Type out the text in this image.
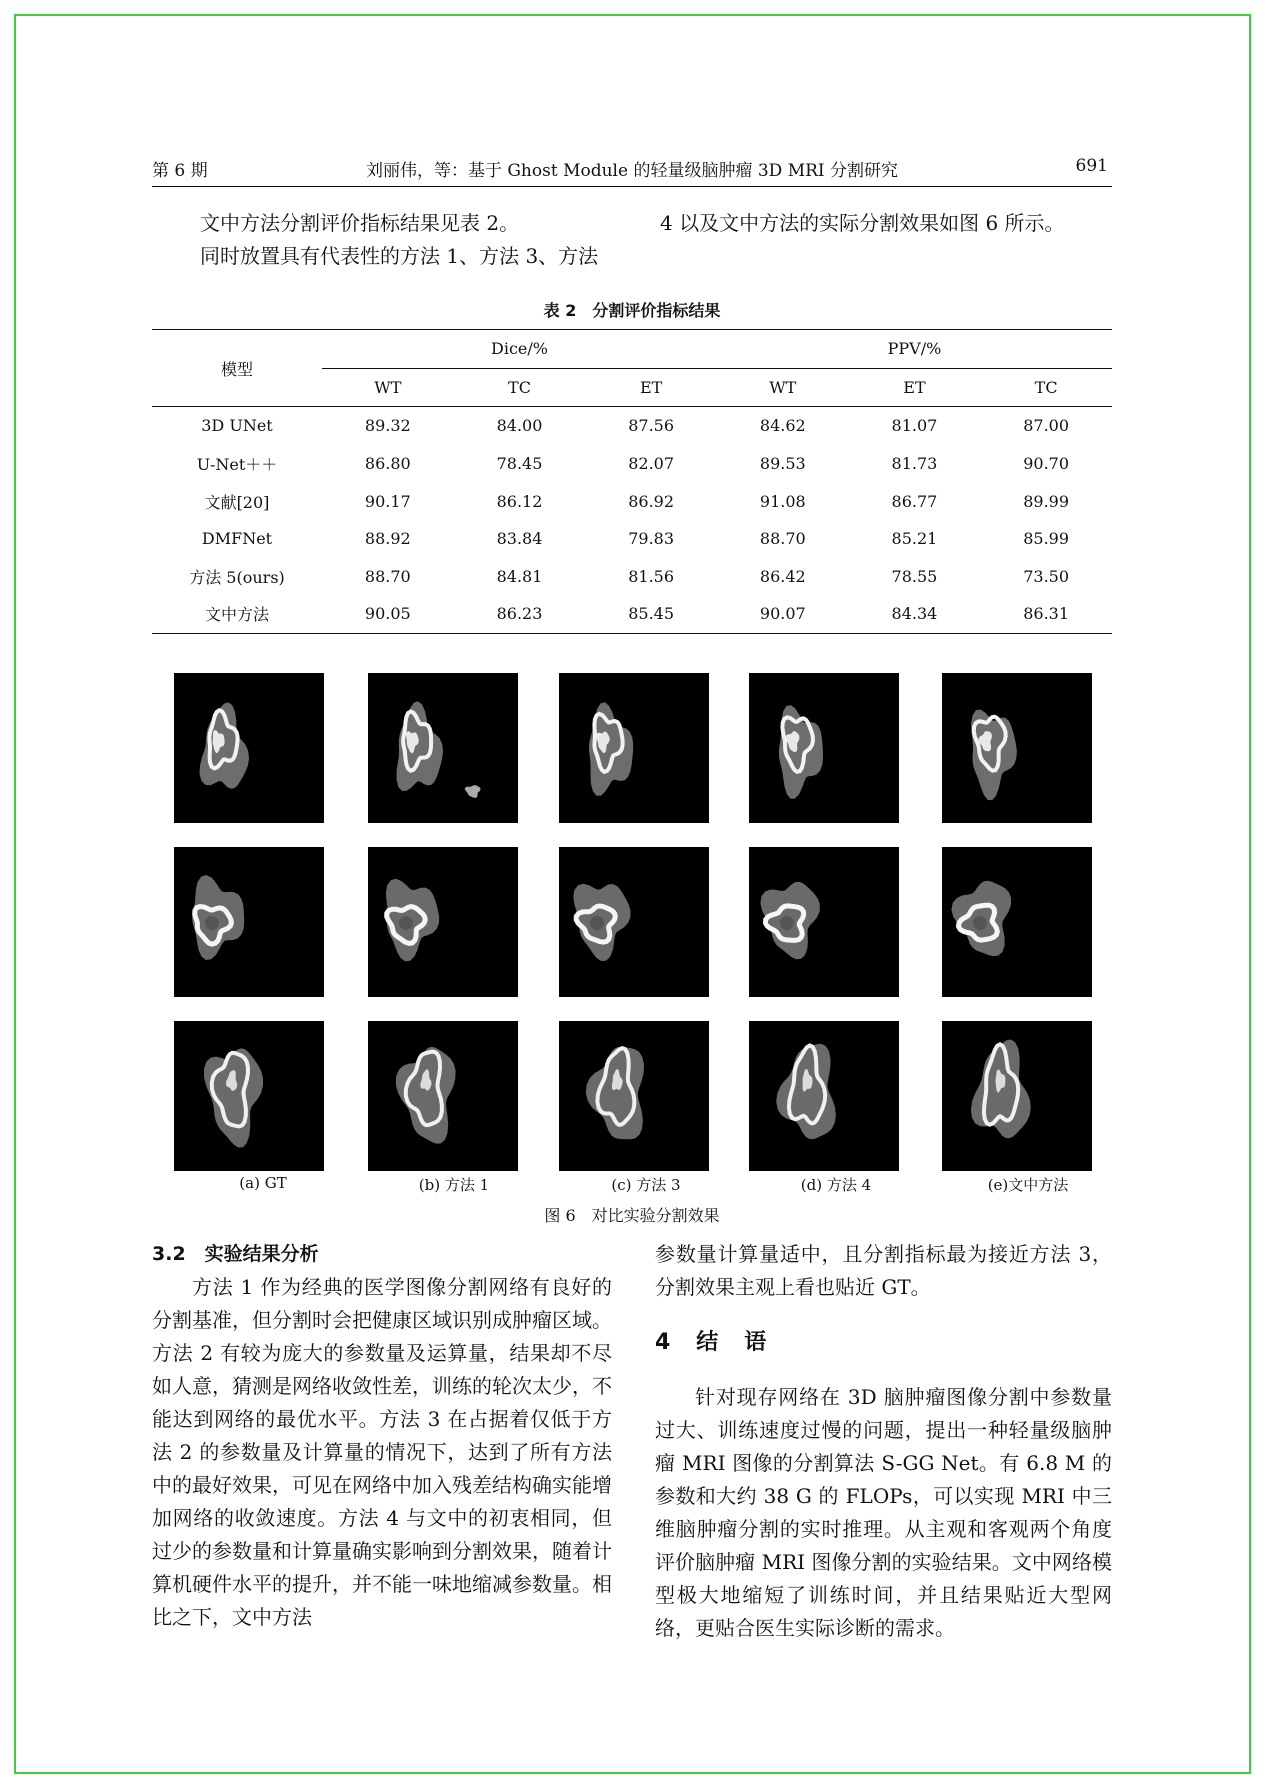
第 6 期	刘丽伟，等：基于 Ghost Module 的轻量级脑肿瘤 3D MRI 分割研究	691

文中方法分割评价指标结果见表 2。

同时放置具有代表性的方法 1、方法 3、方法

4 以及文中方法的实际分割效果如图 6 所示。

表 2　分割评价指标结果
模型	Dice/%			PPV/%		
	WT	TC	ET	WT	ET	TC
3D UNet	89.32	84.00	87.56	84.62	81.07	87.00
U-Net＋＋	86.80	78.45	82.07	89.53	81.73	90.70
文献[20]	90.17	86.12	86.92	91.08	86.77	89.99
DMFNet	88.92	83.84	79.83	88.70	85.21	85.99
方法 5(ours)	88.70	84.81	81.56	86.42	78.55	73.50
文中方法	90.05	86.23	85.45	90.07	84.34	86.31
(a) GT	(b) 方法 1	(c) 方法 3	(d) 方法 4	(e)文中方法
图 6　对比实验分割效果

3.2　实验结果分析

方法 1 作为经典的医学图像分割网络有良好的分割基准，但分割时会把健康区域识别成肿瘤区域。方法 2 有较为庞大的参数量及运算量，结果却不尽如人意，猜测是网络收敛性差，训练的轮次太少，不能达到网络的最优水平。方法 3 在占据着仅低于方法 2 的参数量及计算量的情况下，达到了所有方法中的最好效果，可见在网络中加入残差结构确实能增加网络的收敛速度。方法 4 与文中的初衷相同，但过少的参数量和计算量确实影响到分割效果，随着计算机硬件水平的提升，并不能一味地缩减参数量。相比之下，文中方法

参数量计算量适中，且分割指标最为接近方法 3，分割效果主观上看也贴近 GT。

4　结　语

针对现存网络在 3D 脑肿瘤图像分割中参数量过大、训练速度过慢的问题，提出一种轻量级脑肿瘤 MRI 图像的分割算法 S-GG Net。有 6.8 M 的参数和大约 38 G 的 FLOPs，可以实现 MRI 中三维脑肿瘤分割的实时推理。从主观和客观两个角度评价脑肿瘤 MRI 图像分割的实验结果。文中网络模型极大地缩短了训练时间，并且结果贴近大型网络，更贴合医生实际诊断的需求。
